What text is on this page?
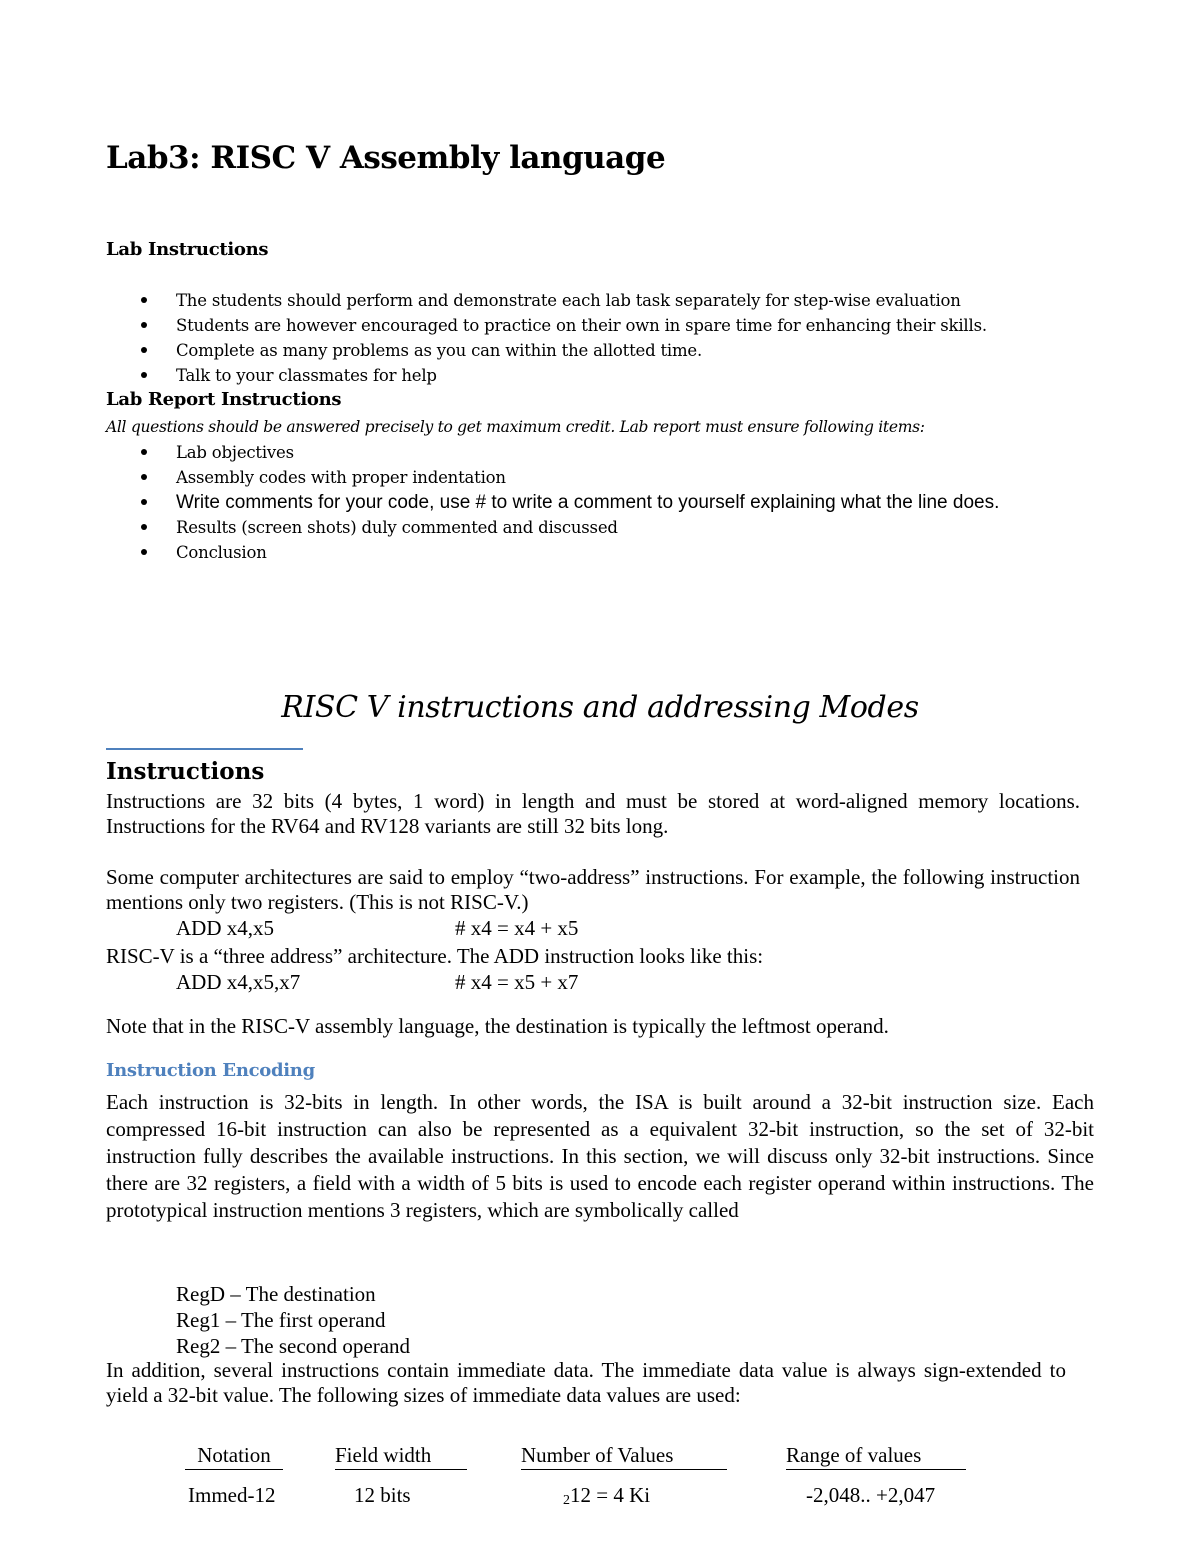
Lab3: RISC V Assembly language
Lab Instructions
The students should perform and demonstrate each lab task separately for step-wise evaluation
Students are however encouraged to practice on their own in spare time for enhancing their skills.
Complete as many problems as you can within the allotted time.
Talk to your classmates for help
Lab Report Instructions
All questions should be answered precisely to get maximum credit. Lab report must ensure following items:
Lab objectives
Assembly codes with proper indentation
Write comments for your code, use # to write a comment to yourself explaining what the line does.
Results (screen shots) duly commented and discussed
Conclusion
RISC V instructions and addressing Modes
Instructions
Instructions are 32 bits (4 bytes, 1 word) in length and must be stored at word-aligned memory locations. Instructions for the RV64 and RV128 variants are still 32 bits long.
Some computer architectures are said to employ “two-address” instructions. For example, the following instruction mentions only two registers. (This is not RISC-V.)
ADD x4,x5	# x4 = x4 + x5
RISC-V is a “three address” architecture. The ADD instruction looks like this:
ADD x4,x5,x7	# x4 = x5 + x7
Note that in the RISC-V assembly language, the destination is typically the leftmost operand.
Instruction Encoding
Each instruction is 32-bits in length. In other words, the ISA is built around a 32-bit instruction size. Each compressed 16-bit instruction can also be represented as a equivalent 32-bit instruction, so the set of 32-bit instruction fully describes the available instructions. In this section, we will discuss only 32-bit instructions. Since there are 32 registers, a field with a width of 5 bits is used to encode each register operand within instructions. The prototypical instruction mentions 3 registers, which are symbolically called
RegD – The destination
Reg1 – The first operand
Reg2 – The second operand
In addition, several instructions contain immediate data. The immediate data value is always sign-extended to yield a 32-bit value. The following sizes of immediate data values are used:
Notation	Field width	Number of Values	Range of values
Immed-12	12 bits	212 = 4 Ki	-2,048.. +2,047
